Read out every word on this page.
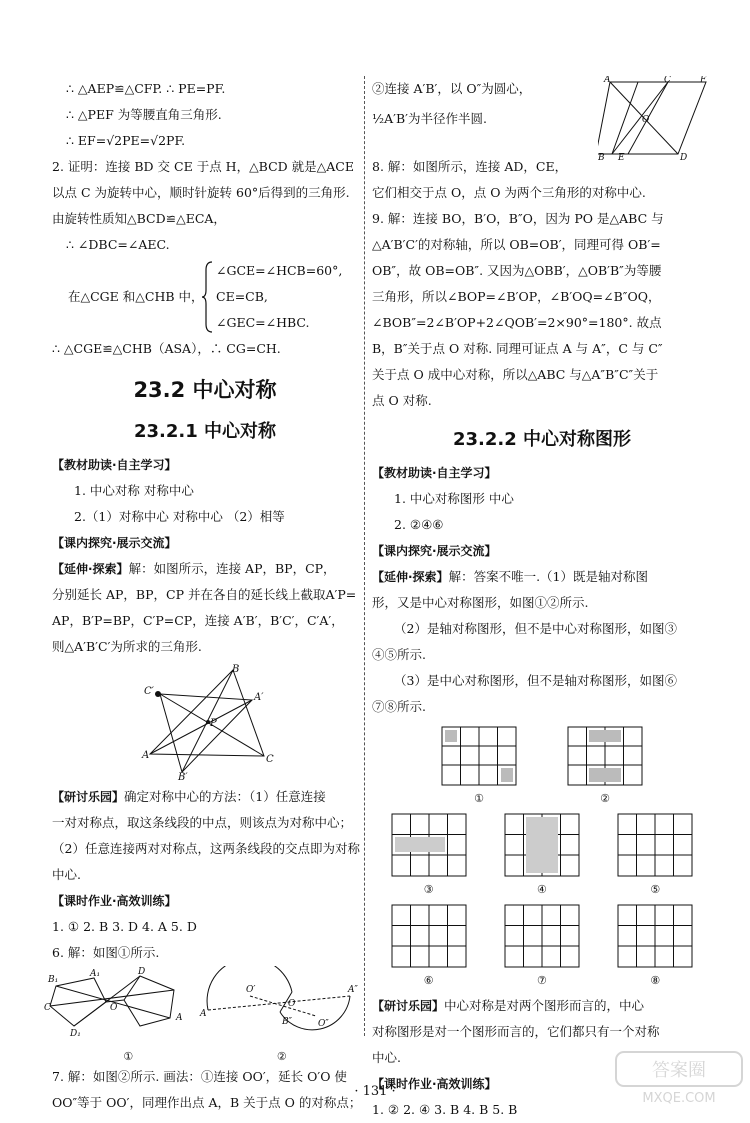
∴ △AEP≌△CFP. ∴ PE=PF.
∴ △PEF 为等腰直角三角形.
∴ EF=√2PE=√2PF.
2. 证明：连接 BD 交 CE 于点 H，△BCD 就是△ACE
以点 C 为旋转中心，顺时针旋转 60°后得到的三角形.
由旋转性质知△BCD≌△ECA，
∴ ∠DBC=∠AEC.
在△CGE 和△CHB 中，
∠GCE=∠HCB=60°,
CE=CB,
∠GEC=∠HBC.
∴ △CGE≌△CHB（ASA），∴ CG=CH.
23.2 中心对称
23.2.1 中心对称
【教材助读·自主学习】
1. 中心对称 对称中心
2.（1）对称中心 对称中心 （2）相等
【课内探究·展示交流】
【延伸·探索】解：如图所示，连接 AP，BP，CP，
分别延长 AP，BP，CP 并在各自的延长线上截取A′P=
AP，B′P=BP，C′P=CP，连接 A′B′，B′C′，C′A′，
则△A′B′C′为所求的三角形.
B
A′
C′
A	C
B′
P
【研讨乐园】确定对称中心的方法：（1）任意连接
一对对称点，取这条线段的中点，则该点为对称中心；
（2）任意连接两对对称点，这两条线段的交点即为对称
中心.
【课时作业·高效训练】
1. ① 2. B 3. D 4. A 5. D
6. 解：如图①所示.
B₁
A₁
C
D₁
D
A
O
A
O′
O
B″	O″
A″
①	②
7. 解：如图②所示. 画法：①连接 OO′，延长 O′O 使
OO″等于 OO′，同理作出点 A，B 关于点 O 的对称点；
②连接 A′B′，以 O″为圆心，
½A′B′为半径作半圆.
A	C	F
O
B E	D
8. 解：如图所示，连接 AD，CE，
它们相交于点 O，点 O 为两个三角形的对称中心.
9. 解：连接 BO，B′O，B″O，因为 PO 是△ABC 与
△A′B′C′的对称轴，所以 OB=OB′，同理可得 OB′=
OB″，故 OB=OB″. 又因为△OBB′，△OB′B″为等腰
三角形，所以∠BOP=∠B′OP，∠B′OQ=∠B″OQ，
∠BOB″=2∠B′OP+2∠QOB′=2×90°=180°. 故点
B，B″关于点 O 对称. 同理可证点 A 与 A″，C 与 C″
关于点 O 成中心对称，所以△ABC 与△A″B″C″关于
点 O 对称.
23.2.2 中心对称图形
【教材助读·自主学习】
1. 中心对称图形 中心
2. ②④⑥
【课内探究·展示交流】
【延伸·探索】解：答案不唯一.（1）既是轴对称图
形，又是中心对称图形，如图①②所示.
（2）是轴对称图形，但不是中心对称图形，如图③
④⑤所示.
（3）是中心对称图形，但不是轴对称图形，如图⑥
⑦⑧所示.
①	②
③	④	⑤
⑥	⑦	⑧
【研讨乐园】中心对称是对两个图形而言的，中心
对称图形是对一个图形而言的，它们都只有一个对称
中心.
【课时作业·高效训练】
1. ② 2. ④ 3. B 4. B 5. B
· 131 ·
答案圈
MXQE.COM
